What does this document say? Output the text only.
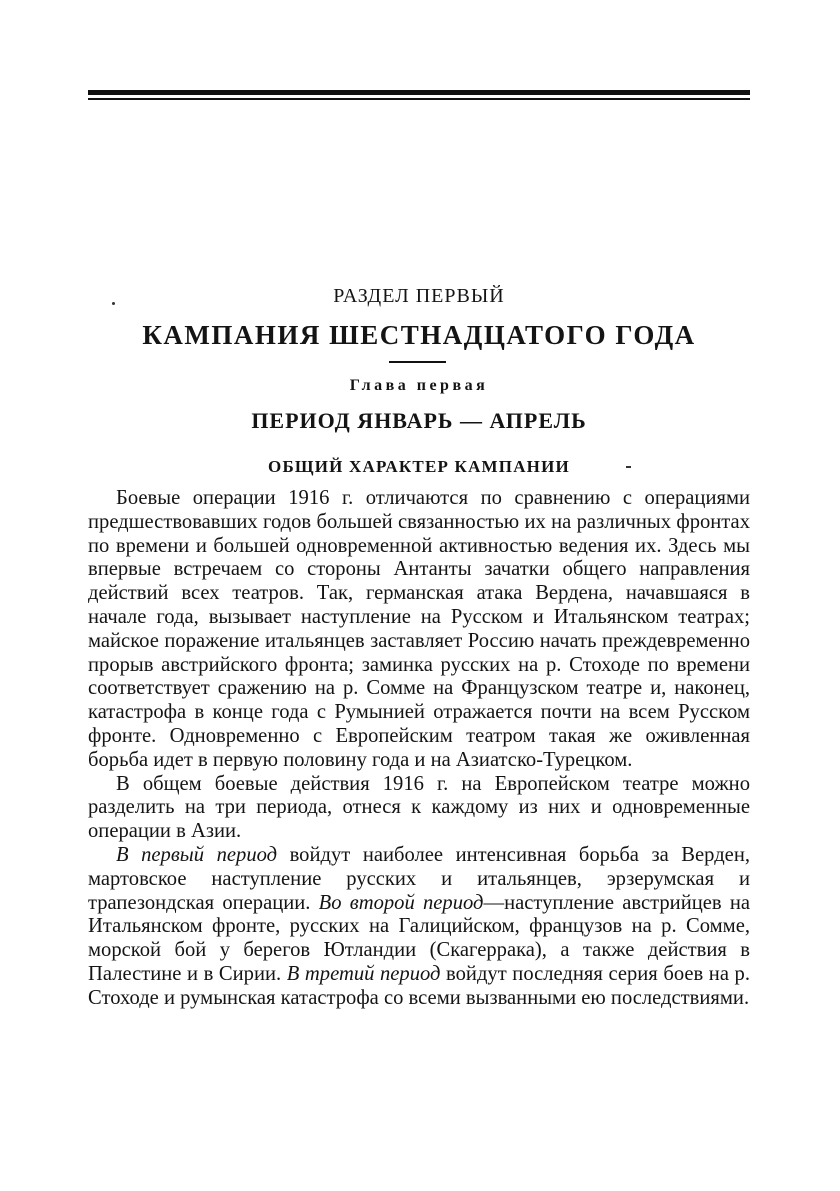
РАЗДЕЛ ПЕРВЫЙ
КАМПАНИЯ ШЕСТНАДЦАТОГО ГОДА
Глава первая
ПЕРИОД ЯНВАРЬ — АПРЕЛЬ
ОБЩИЙ ХАРАКТЕР КАМПАНИИ

Боевые операции 1916 г. отличаются по сравнению с операциями предшествовавших годов большей связанностью их на различных фронтах по времени и большей одновременной активностью ведения их. Здесь мы впервые встречаем со стороны Антанты зачатки общего направления действий всех театров. Так, германская атака Вердена, начавшаяся в начале года, вызывает наступление на Русском и Итальянском театрах; майское поражение итальянцев заставляет Россию начать преждевременно прорыв австрийского фронта; заминка русских на р. Стоходе по времени соответствует сражению на р. Сомме на Французском театре и, наконец, катастрофа в конце года с Румынией отражается почти на всем Русском фронте. Одновременно с Европейским театром такая же оживленная борьба идет в первую половину года и на Азиатско-Турецком.

В общем боевые действия 1916 г. на Европейском театре можно разделить на три периода, отнеся к каждому из них и одновременные операции в Азии.

В первый период войдут наиболее интенсивная борьба за Верден, мартовское наступление русских и итальянцев, эрзерумская и трапезондская операции. Во второй период—наступление австрийцев на Итальянском фронте, русских на Галицийском, французов на р. Сомме, морской бой у берегов Ютландии (Скагеррака), а также действия в Палестине и в Сирии. В третий период войдут последняя серия боев на р. Стоходе и румынская катастрофа со всеми вызванными ею последствиями.
